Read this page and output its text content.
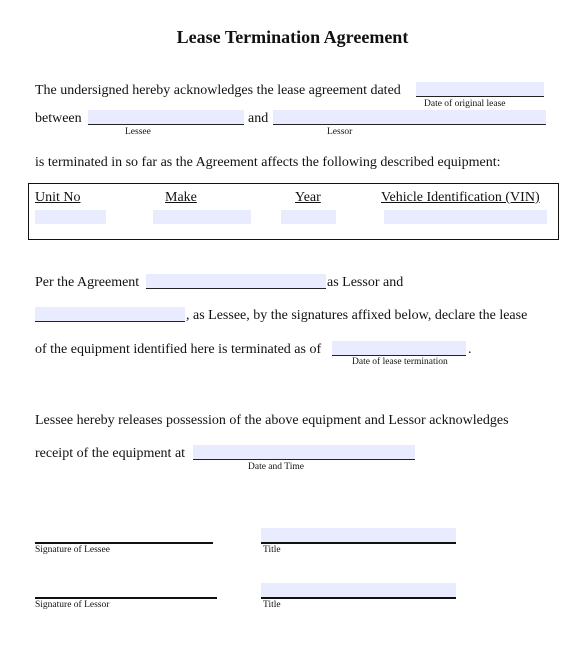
Lease Termination Agreement
The undersigned hereby acknowledges the lease agreement dated
Date of original lease
between	and
Lessee	Lessor
is terminated in so far as the Agreement affects the following described equipment:
Unit No	Make	Year	Vehicle Identification (VIN)
Per the Agreement	as Lessor and
, as Lessee, by the signatures affixed below, declare the lease
of the equipment identified here is terminated as of	.
Date of lease termination
Lessee hereby releases possession of the above equipment and Lessor acknowledges
receipt of the equipment at
Date and Time
Signature of Lessee	Title
Signature of Lessor	Title
